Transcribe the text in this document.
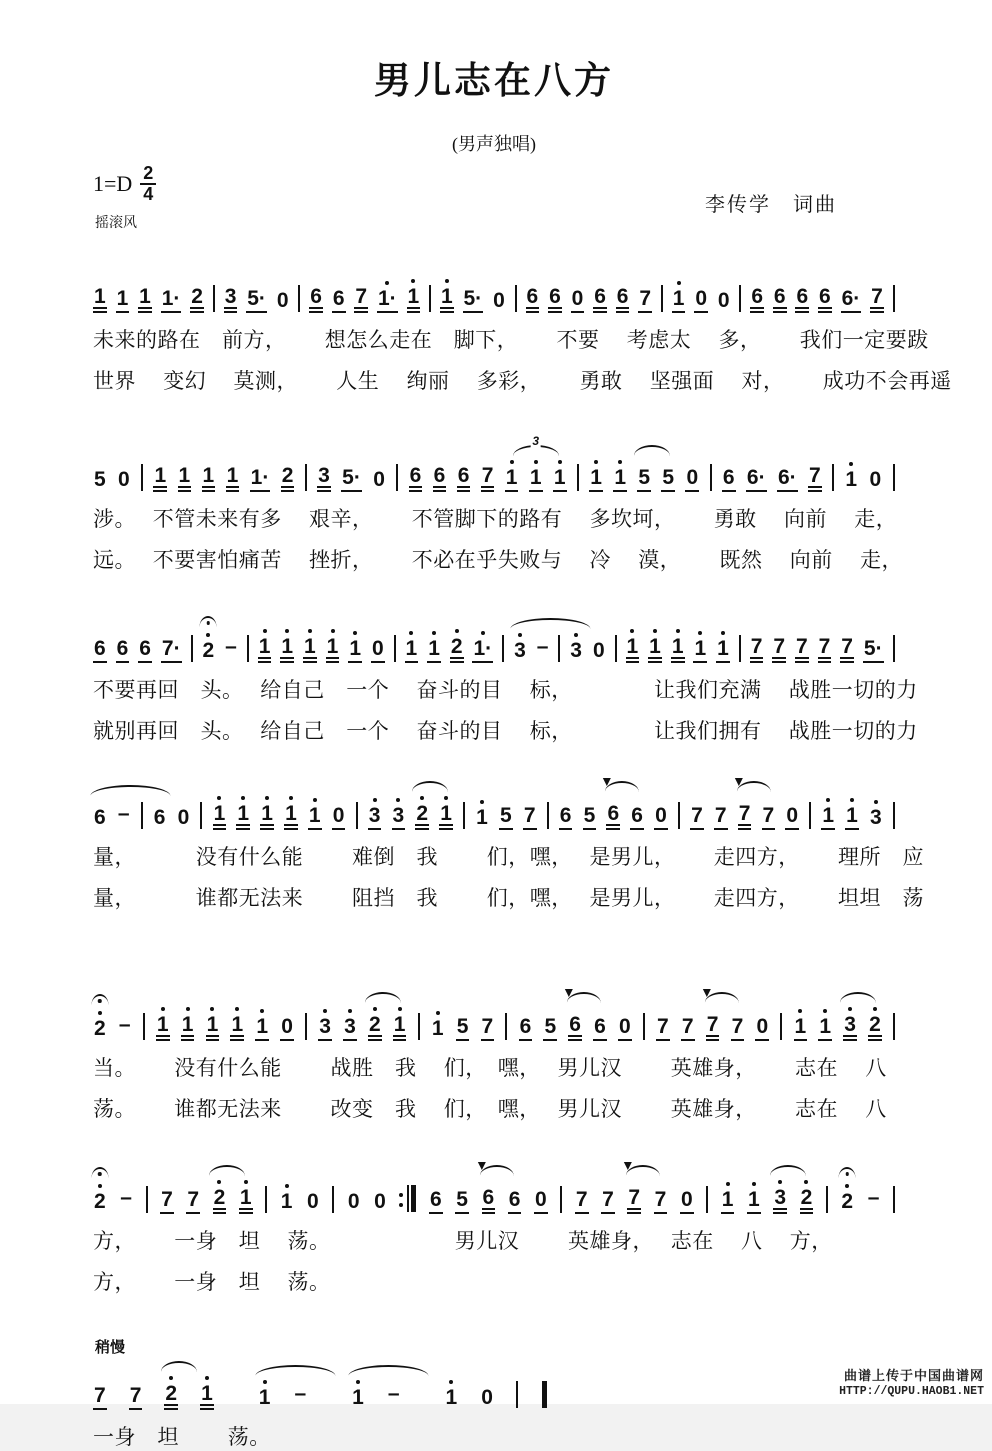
男儿志在八方
(男声独唱)
$1=D \frac{2}{4}$
摇滚风
李传学　词曲
1 1 1 1· 2 3 5· 0 6 6 7 1· 1 1 5· 0 6 6 0 6 6 7 1 0 0 6 6 6 6 6· 7
未来的路在　前方，　　 想怎么走在　脚下，　　 不要　 考虑太　 多，　　 我们一定要跋
世界　 变幻　 莫测，　　 人生　 绚丽　 多彩，　　 勇敢　 坚强面　 对，　　 成功不会再遥
5 0 1 1 1 1 1· 2 3 5· 0 6 6 6 7 1
3
1 1 1 1 5 5 0 6 6· 6· 7 1 0
涉。　 不管未来有多　 艰辛，　　 不管脚下的路有　 多坎坷，　　 勇敢　 向前　 走，
远。　 不要害怕痛苦　 挫折，　　 不必在乎失败与　 冷　 漠，　　 既然　 向前　 走，
6 6 6 7· 2 – 1 1 1 1 1 0 1 1 2 1· 3 – 3 0 1 1 1 1 1 7 7 7 7 7 5·
不要再回　头。　 给自己　一个　 奋斗的目　 标，　　　　 让我们充满　 战胜一切的力
就别再回　头。　 给自己　一个　 奋斗的目　 标，　　　　 让我们拥有　 战胜一切的力
6 – 6 0 1 1 1 1 1 0 3 3 2 1 1 5 7 6 5 6 6 0 7 7 7 7 0 1 1 3
量，　　　 没有什么能　　 难倒　我　　 们，嘿，　 是男儿，　　 走四方，　　 理所　应
量，　　　 谁都无法来　　 阻挡　我　　 们，嘿，　 是男儿，　　 走四方，　　 坦坦　荡
2 – 1 1 1 1 1 0 3 3 2 1 1 5 7 6 5 6 6 0 7 7 7 7 0 1 1 3 2
当。　　 没有什么能　　 战胜　我　 们，　嘿，　 男儿汉　　 英雄身，　　 志在　 八
荡。　　 谁都无法来　　 改变　我　 们，　嘿，　 男儿汉　　 英雄身，　　 志在　 八
2 – 7 7 2 1 1 0 0 0 6 5 6 6 0 7 7 7 7 0 1 1 3 2 2 –
方，　　 一身　坦　 荡。　　　　　　 男儿汉　　 英雄身，　 志在　 八　 方，
方，　　 一身　坦　 荡。
稍慢
7 7 2 1 1 – 1 – 1 0
一身　坦　　 荡。
曲谱上传于中国曲谱网
HTTP://QUPU.HAOB1.NET
